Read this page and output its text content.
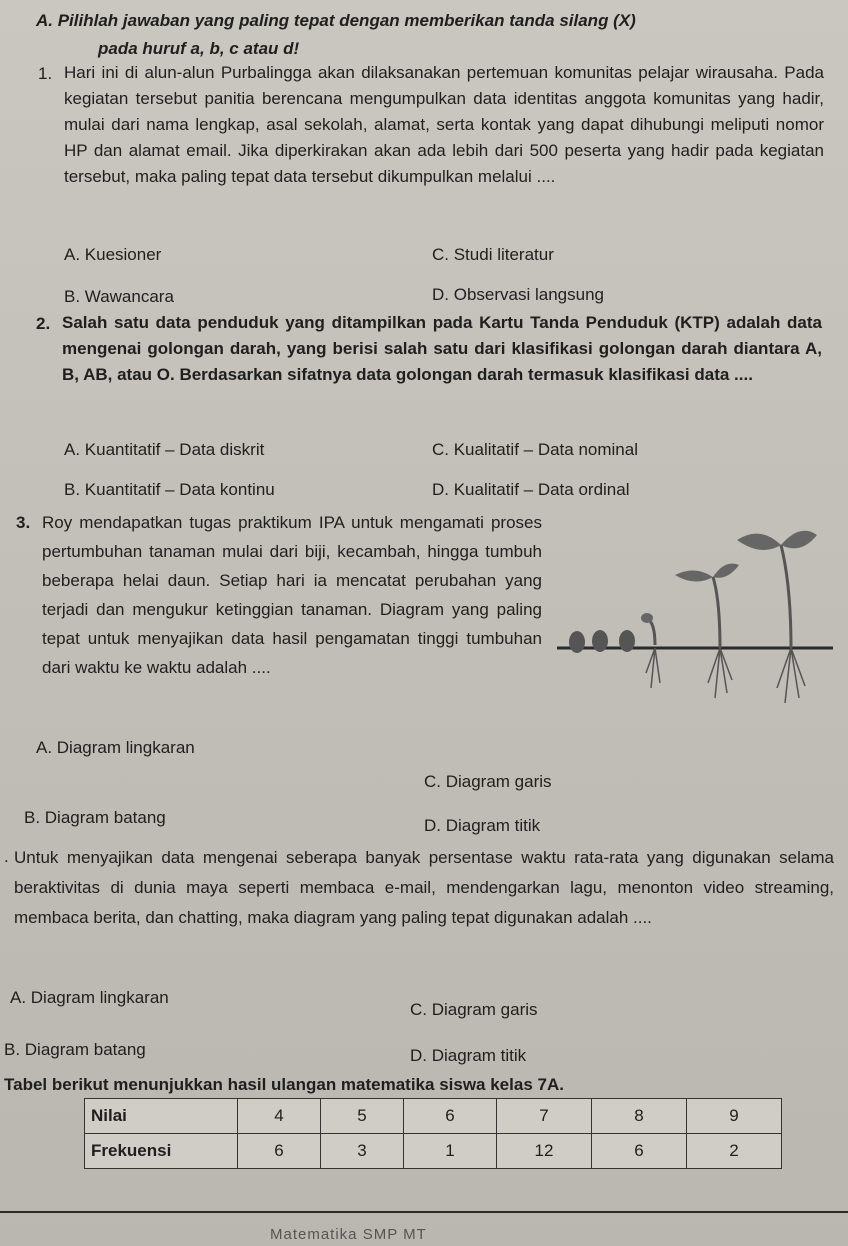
A. Pilihlah jawaban yang paling tepat dengan memberikan tanda silang (X)
pada huruf a, b, c atau d!
1. Hari ini di alun-alun Purbalingga akan dilaksanakan pertemuan komunitas pelajar wirausaha. Pada kegiatan tersebut panitia berencana mengumpulkan data identitas anggota komunitas yang hadir, mulai dari nama lengkap, asal sekolah, alamat, serta kontak yang dapat dihubungi meliputi nomor HP dan alamat email. Jika diperkirakan akan ada lebih dari 500 peserta yang hadir pada kegiatan tersebut, maka paling tepat data tersebut dikumpulkan melalui ....
A. Kuesioner
B. Wawancara
C. Studi literatur
D. Observasi langsung
2. Salah satu data penduduk yang ditampilkan pada Kartu Tanda Penduduk (KTP) adalah data mengenai golongan darah, yang berisi salah satu dari klasifikasi golongan darah diantara A, B, AB, atau O. Berdasarkan sifatnya data golongan darah termasuk klasifikasi data ....
A. Kuantitatif – Data diskrit
B. Kuantitatif – Data kontinu
C. Kualitatif – Data nominal
D. Kualitatif – Data ordinal
3. Roy mendapatkan tugas praktikum IPA untuk mengamati proses pertumbuhan tanaman mulai dari biji, kecambah, hingga tumbuh beberapa helai daun. Setiap hari ia mencatat perubahan yang terjadi dan mengukur ketinggian tanaman. Diagram yang paling tepat untuk menyajikan data hasil pengamatan tinggi tumbuhan dari waktu ke waktu adalah ....
A. Diagram lingkaran
B. Diagram batang
C. Diagram garis
D. Diagram titik
. Untuk menyajikan data mengenai seberapa banyak persentase waktu rata-rata yang digunakan selama beraktivitas di dunia maya seperti membaca e-mail, mendengarkan lagu, menonton video streaming, membaca berita, dan chatting, maka diagram yang paling tepat digunakan adalah ....
A. Diagram lingkaran
B. Diagram batang
C. Diagram garis
D. Diagram titik
Tabel berikut menunjukkan hasil ulangan matematika siswa kelas 7A.
Nilai	4	5	6	7	8	9
Frekuensi	6	3	1	12	6	2
Matematika SMP MT
